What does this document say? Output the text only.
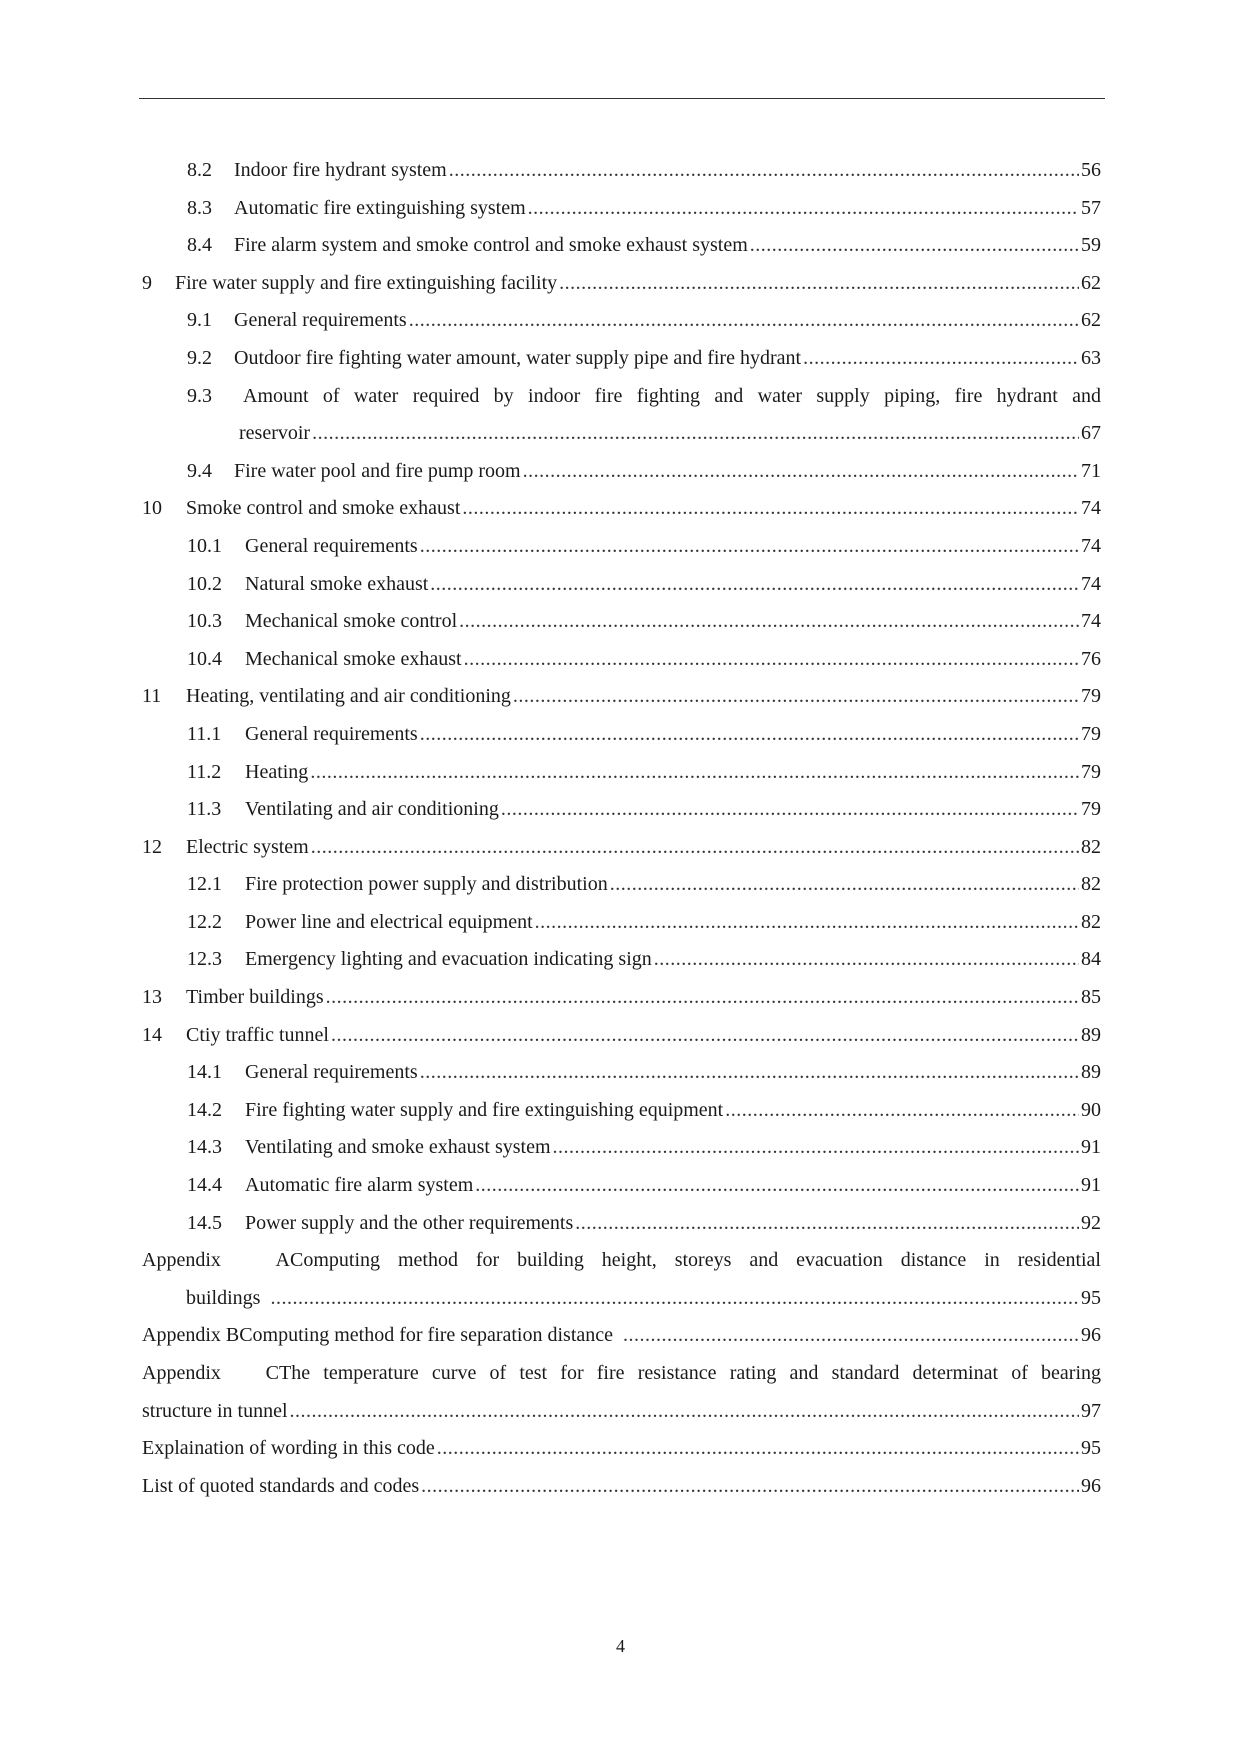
8.2	Indoor fire hydrant system .....	56
8.3	Automatic fire extinguishing system .....	57
8.4	Fire alarm system and smoke control and smoke exhaust system .....	59
9	Fire water supply and fire extinguishing facility .....	62
9.1	General requirements .....	62
9.2	Outdoor fire fighting water amount, water supply pipe and fire hydrant .....	63
9.3	Amount of water required by indoor fire fighting and water supply piping, fire hydrant and
reservoir .....	67
9.4	Fire water pool and fire pump room .....	71
10	Smoke control and smoke exhaust .....	74
10.1	General requirements .....	74
10.2	Natural smoke exhaust .....	74
10.3	Mechanical smoke control .....	74
10.4	Mechanical smoke exhaust .....	76
11	Heating, ventilating and air conditioning .....	79
11.1	General requirements .....	79
11.2	Heating .....	79
11.3	Ventilating and air conditioning .....	79
12	Electric system .....	82
12.1	Fire protection power supply and distribution .....	82
12.2	Power line and electrical equipment .....	82
12.3	Emergency lighting and evacuation indicating sign .....	84
13	Timber buildings .....	85
14	Ctiy traffic tunnel .....	89
14.1	General requirements .....	89
14.2	Fire fighting water supply and fire extinguishing equipment .....	90
14.3	Ventilating and smoke exhaust system .....	91
14.4	Automatic fire alarm system .....	91
14.5	Power supply and the other requirements .....	92
Appendix A Computing method for building height, storeys and evacuation distance in residential
buildings .....	95
Appendix B Computing method for fire separation distance .....	96
Appendix C The temperature curve of test for fire resistance rating and standard determinat of bearing
structure in tunnel .....	97
Explaination of wording in this code .....	95
List of quoted standards and codes .....	96
4
